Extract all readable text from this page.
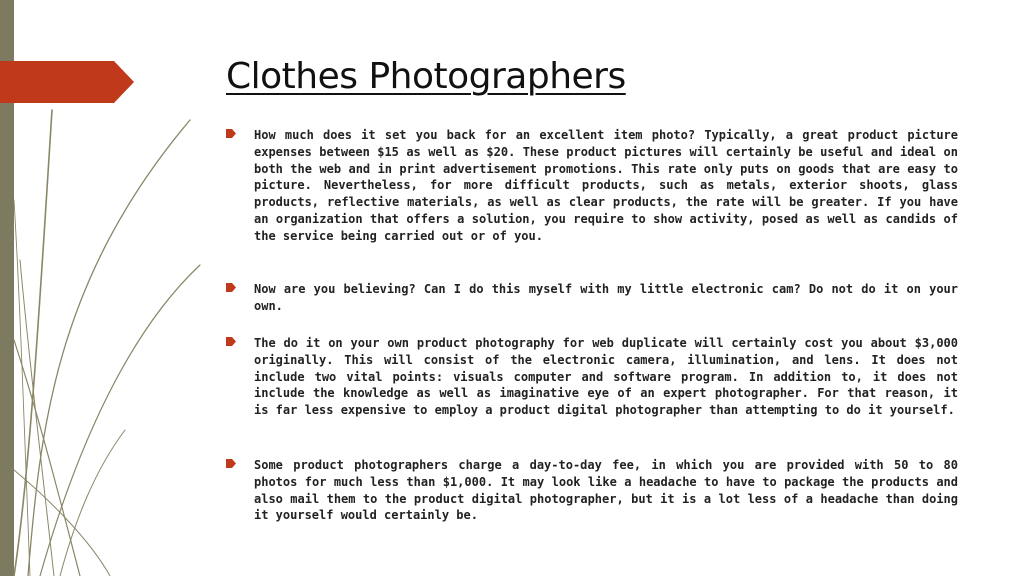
Clothes Photographers
How much does it set you back for an excellent item photo? Typically, a great product picture expenses between $15 as well as $20. These product pictures will certainly be useful and ideal on both the web and in print advertisement promotions. This rate only puts on goods that are easy to picture. Nevertheless, for more difficult products, such as metals, exterior shoots, glass products, reflective materials, as well as clear products, the rate will be greater. If you have an organization that offers a solution, you require to show activity, posed as well as candids of the service being carried out or of you.
Now are you believing? Can I do this myself with my little electronic cam? Do not do it on your own.
The do it on your own product photography for web duplicate will certainly cost you about $3,000 originally. This will consist of the electronic camera, illumination, and lens. It does not include two vital points: visuals computer and software program. In addition to, it does not include the knowledge as well as imaginative eye of an expert photographer. For that reason, it is far less expensive to employ a product digital photographer than attempting to do it yourself.
Some product photographers charge a day-to-day fee, in which you are provided with 50 to 80 photos for much less than $1,000. It may look like a headache to have to package the products and also mail them to the product digital photographer, but it is a lot less of a headache than doing it yourself would certainly be.
